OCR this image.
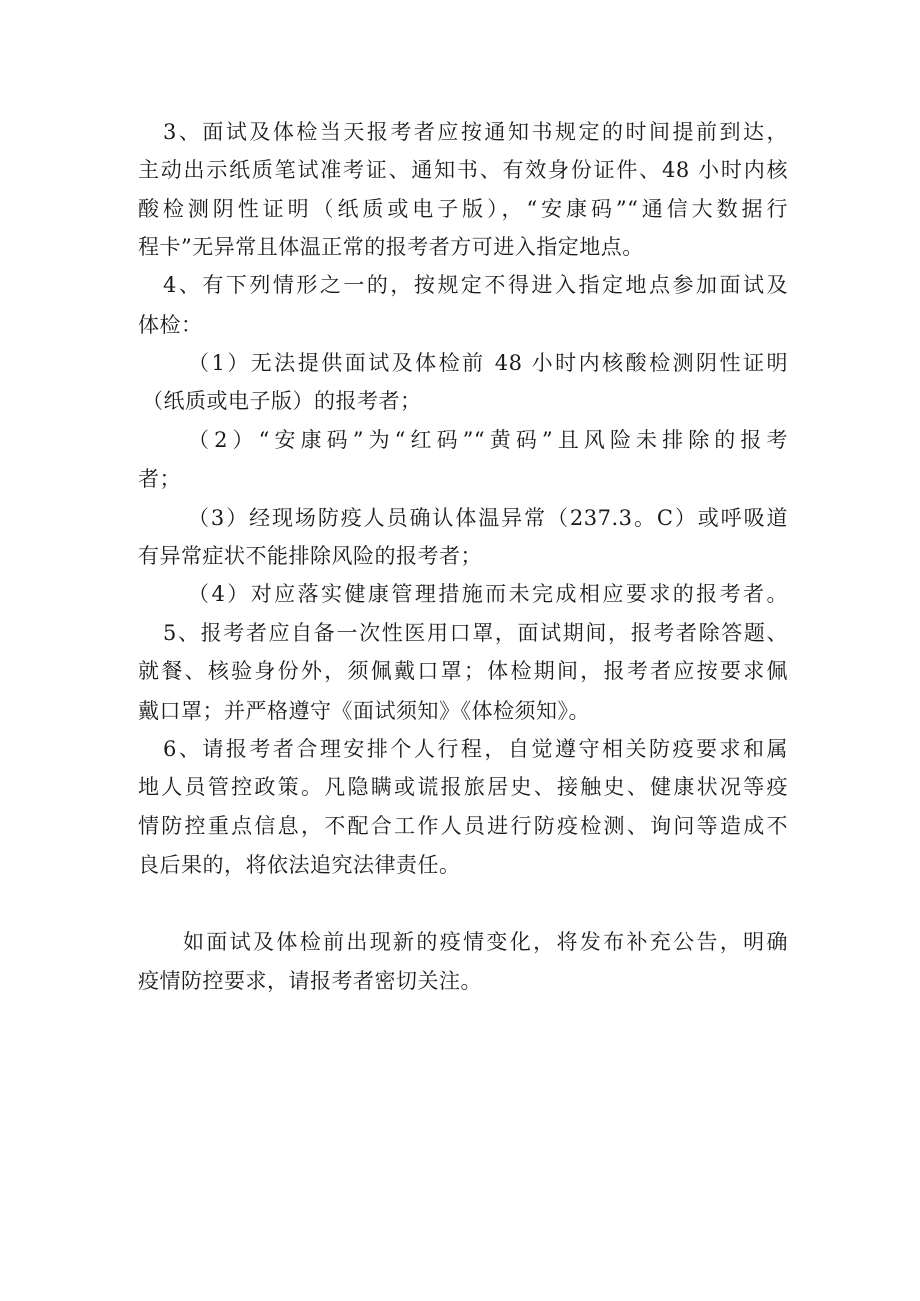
3、面试及体检当天报考者应按通知书规定的时间提前到达，
主动出示纸质笔试准考证、通知书、有效身份证件、48 小时内核
酸检测阴性证明（纸质或电子版），“安康码”“通信大数据行
程卡”无异常且体温正常的报考者方可进入指定地点。
4、有下列情形之一的，按规定不得进入指定地点参加面试及
体检：
（1）无法提供面试及体检前 48 小时内核酸检测阴性证明
（纸质或电子版）的报考者；
（2）“安康码”为“红码”“黄码”且风险未排除的报考
者；
（3）经现场防疫人员确认体温异常（237.3。C）或呼吸道
有异常症状不能排除风险的报考者；
（4）对应落实健康管理措施而未完成相应要求的报考者。
5、报考者应自备一次性医用口罩，面试期间，报考者除答题、
就餐、核验身份外，须佩戴口罩；体检期间，报考者应按要求佩
戴口罩；并严格遵守《面试须知》《体检须知》。
6、请报考者合理安排个人行程，自觉遵守相关防疫要求和属
地人员管控政策。凡隐瞒或谎报旅居史、接触史、健康状况等疫
情防控重点信息，不配合工作人员进行防疫检测、询问等造成不
良后果的，将依法追究法律责任。
如面试及体检前出现新的疫情变化，将发布补充公告，明确
疫情防控要求，请报考者密切关注。
